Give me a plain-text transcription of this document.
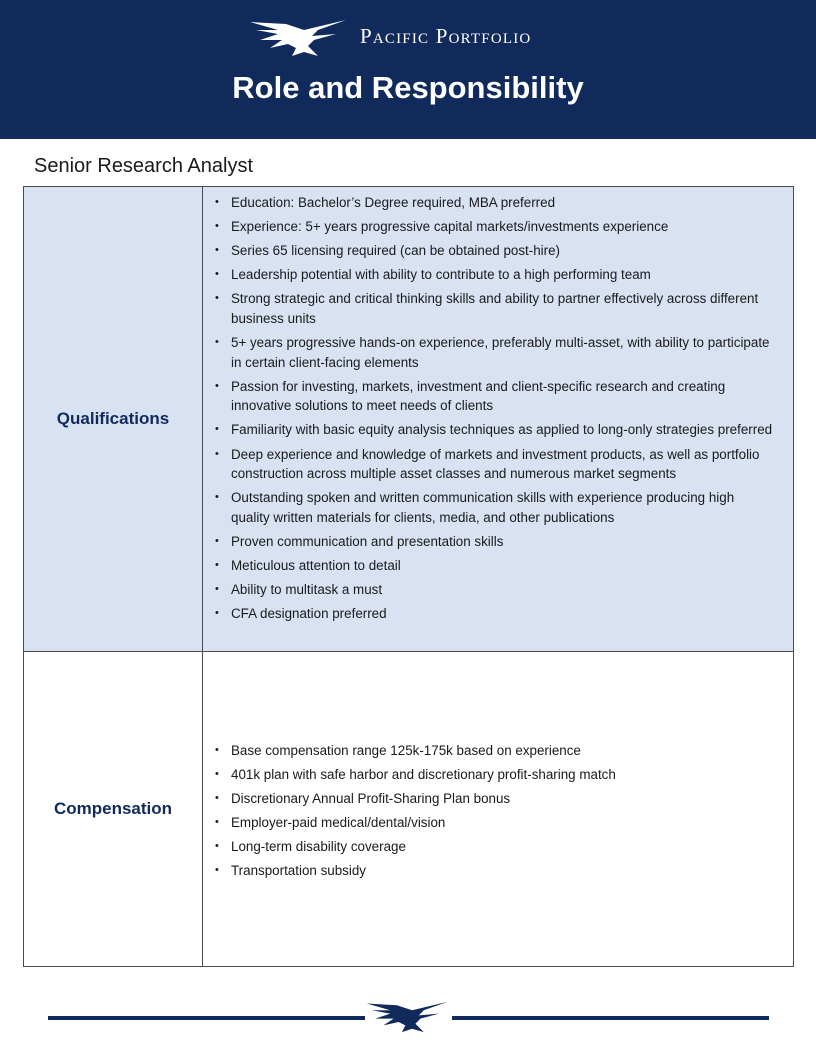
Pacific Portfolio
Role and Responsibility
Senior Research Analyst
Qualifications
• Education: Bachelor’s Degree required, MBA preferred
• Experience: 5+ years progressive capital markets/investments experience
• Series 65 licensing required (can be obtained post-hire)
• Leadership potential with ability to contribute to a high performing team
• Strong strategic and critical thinking skills and ability to partner effectively across different business units
• 5+ years progressive hands-on experience, preferably multi-asset, with ability to participate in certain client-facing elements
• Passion for investing, markets, investment and client-specific research and creating innovative solutions to meet needs of clients
• Familiarity with basic equity analysis techniques as applied to long-only strategies preferred
• Deep experience and knowledge of markets and investment products, as well as portfolio construction across multiple asset classes and numerous market segments
• Outstanding spoken and written communication skills with experience producing high quality written materials for clients, media, and other publications
• Proven communication and presentation skills
• Meticulous attention to detail
• Ability to multitask a must
• CFA designation preferred
Compensation
• Base compensation range 125k-175k based on experience
• 401k plan with safe harbor and discretionary profit-sharing match
• Discretionary Annual Profit-Sharing Plan bonus
• Employer-paid medical/dental/vision
• Long-term disability coverage
• Transportation subsidy
